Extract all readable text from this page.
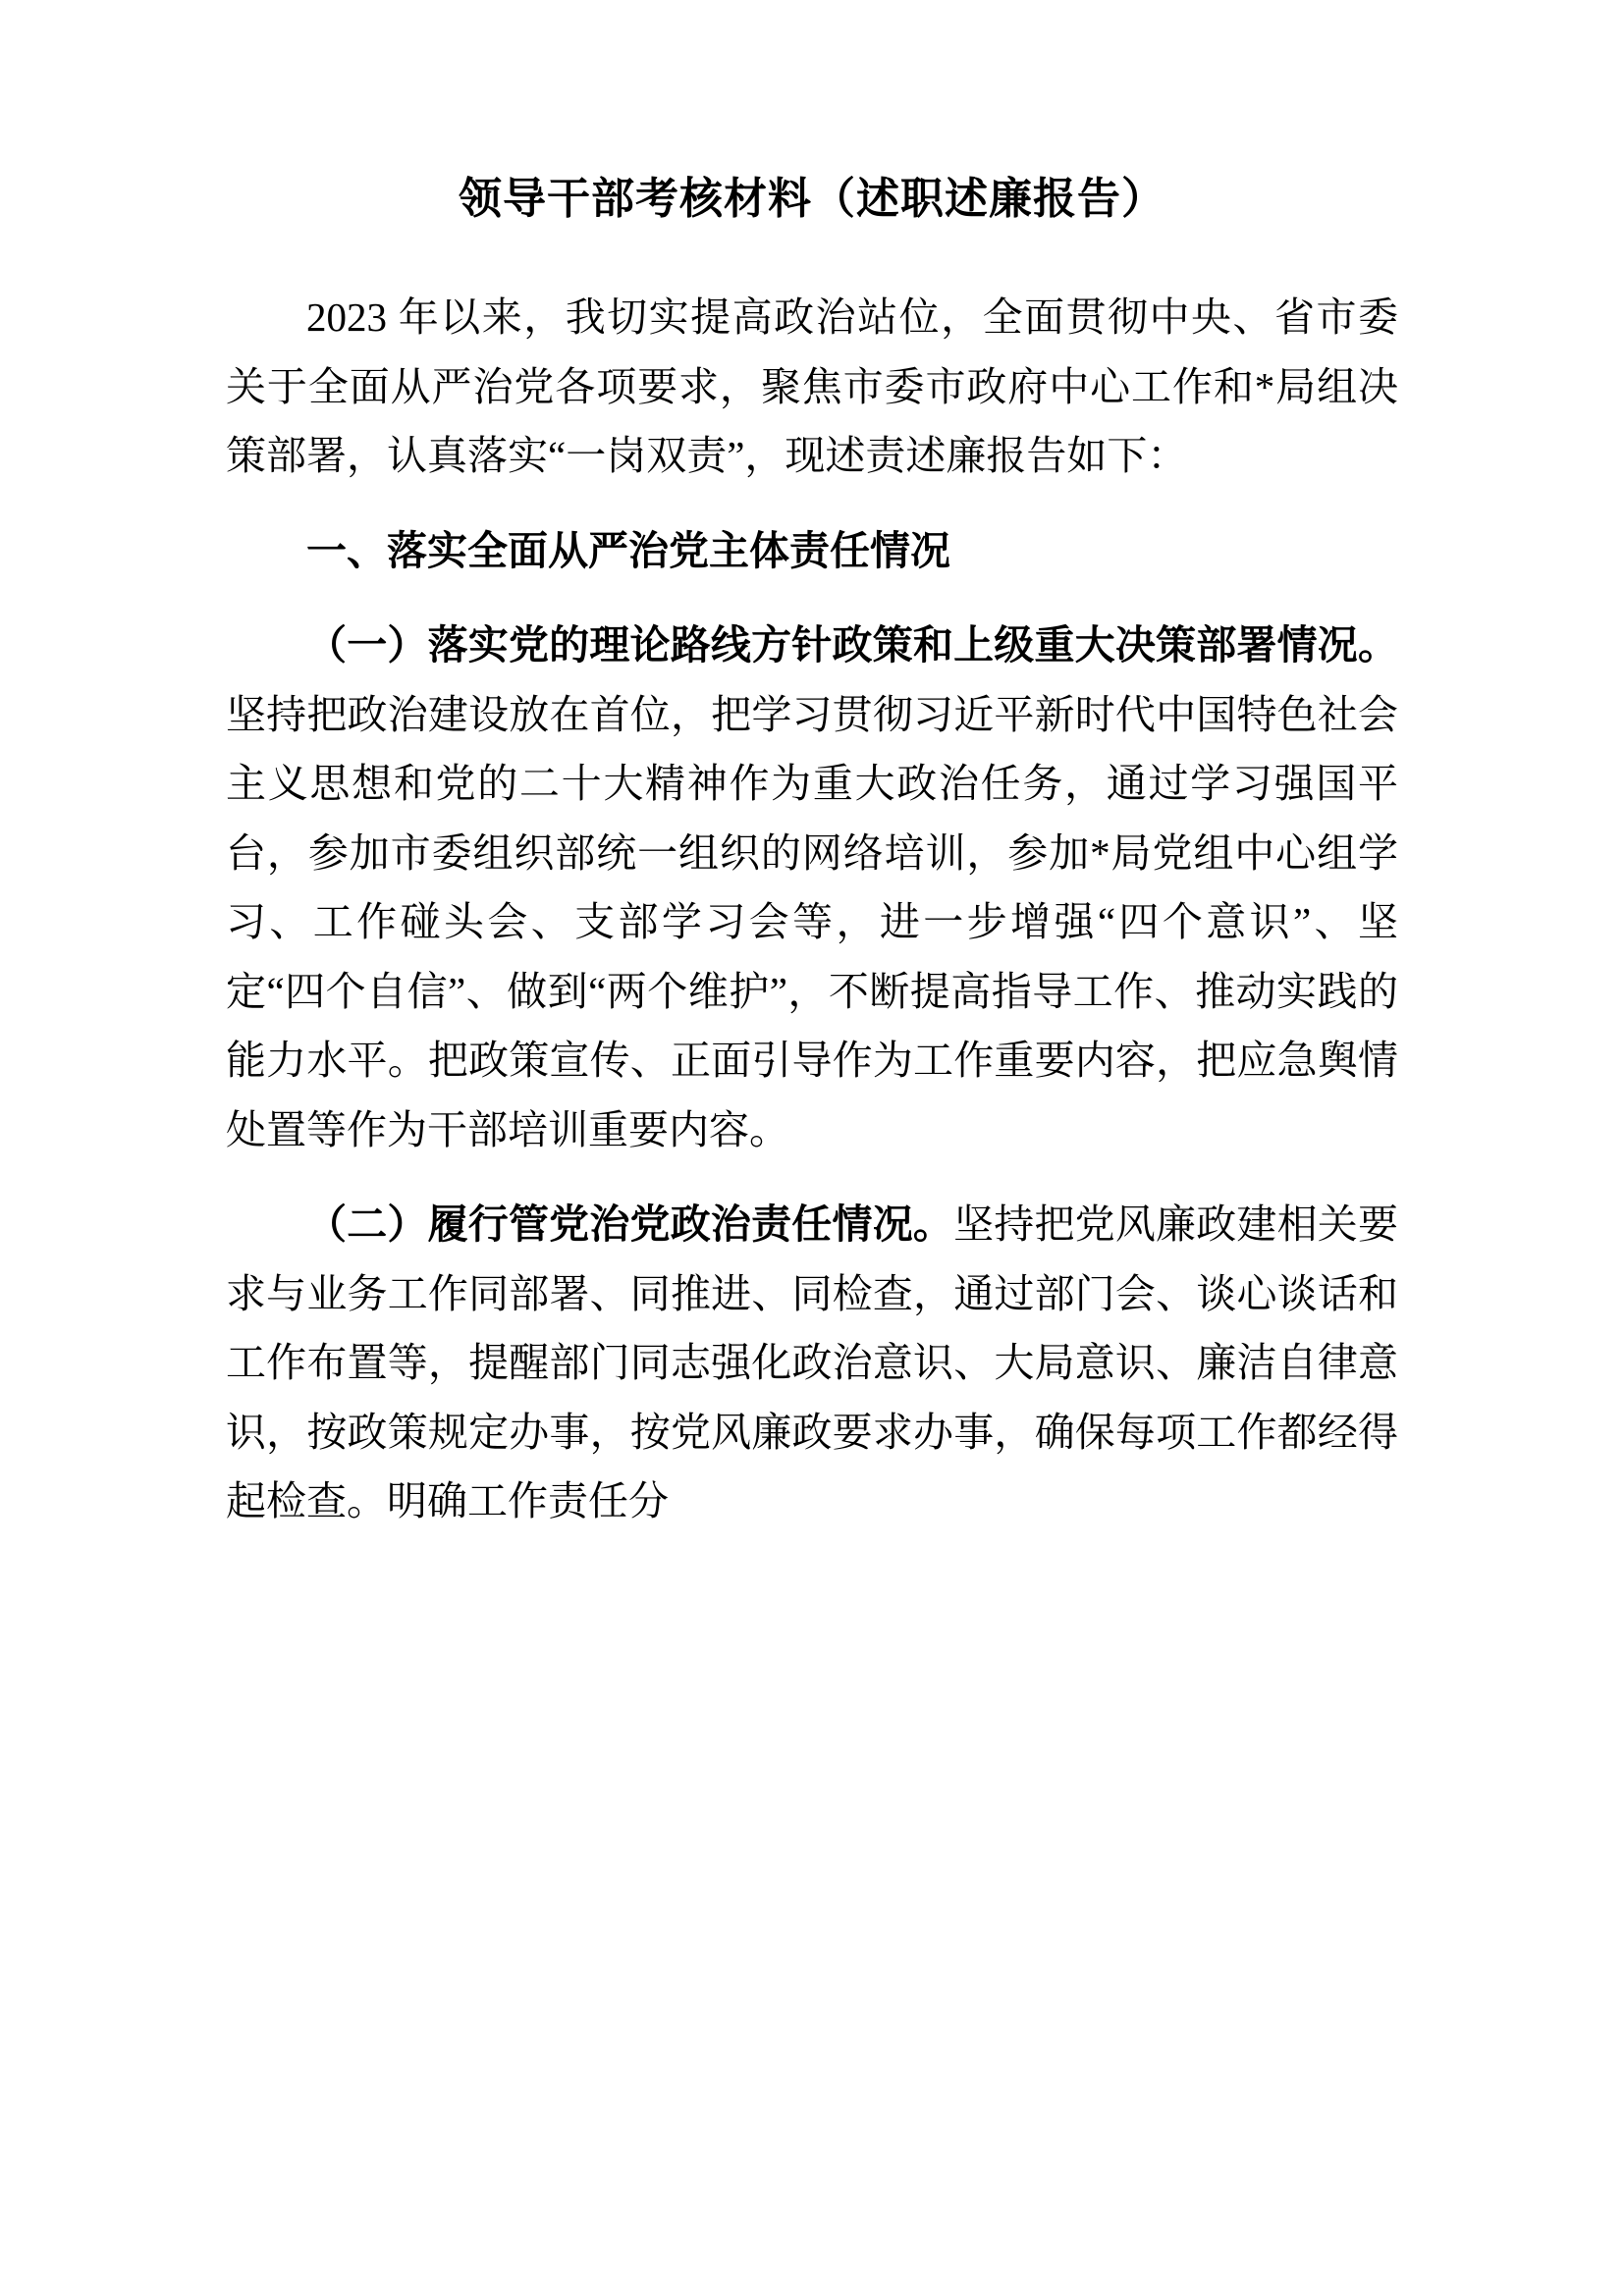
领导干部考核材料（述职述廉报告）

2023 年以来，我切实提高政治站位，全面贯彻中央、省市委关于全面从严治党各项要求，聚焦市委市政府中心工作和*局组决策部署，认真落实“一岗双责”，现述责述廉报告如下：

一、落实全面从严治党主体责任情况

（一）落实党的理论路线方针政策和上级重大决策部署情况。坚持把政治建设放在首位，把学习贯彻习近平新时代中国特色社会主义思想和党的二十大精神作为重大政治任务，通过学习强国平台，参加市委组织部统一组织的网络培训，参加*局党组中心组学习、工作碰头会、支部学习会等，进一步增强“四个意识”、坚定“四个自信”、做到“两个维护”，不断提高指导工作、推动实践的能力水平。把政策宣传、正面引导作为工作重要内容，把应急舆情处置等作为干部培训重要内容。

（二）履行管党治党政治责任情况。坚持把党风廉政建相关要求与业务工作同部署、同推进、同检查，通过部门会、谈心谈话和工作布置等，提醒部门同志强化政治意识、大局意识、廉洁自律意识，按政策规定办事，按党风廉政要求办事，确保每项工作都经得起检查。明确工作责任分
